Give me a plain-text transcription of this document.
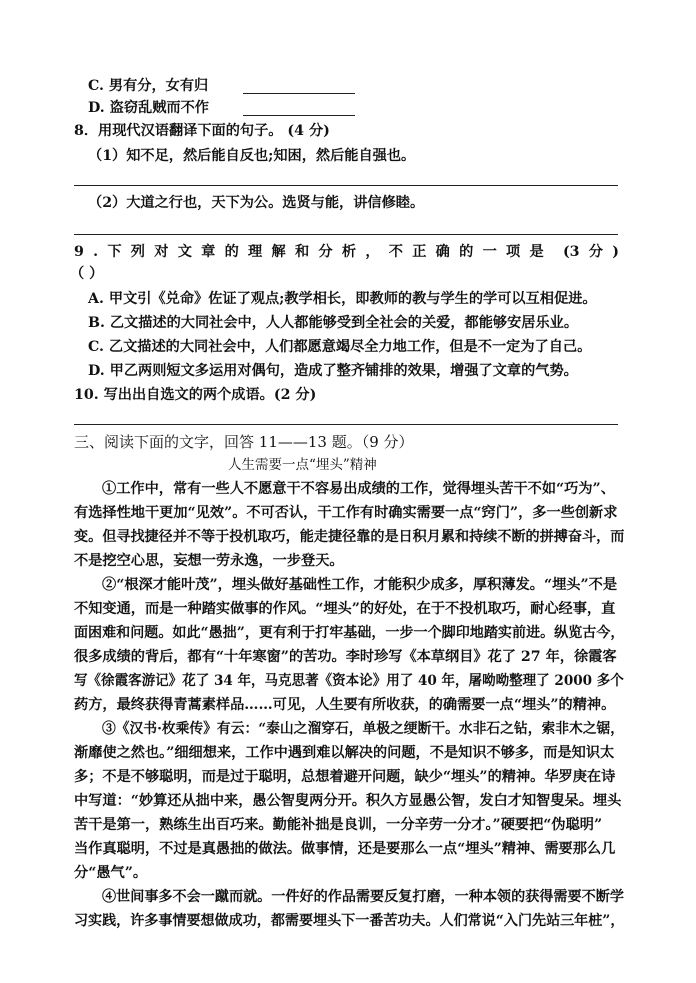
C. 男有分，女有归
D. 盗窃乱贼而不作
8．用现代汉语翻译下面的句子。 (4 分)
（1）知不足，然后能自反也;知困，然后能自强也。
（2）大道之行也，天下为公。选贤与能，讲信修睦。
9 . 下 列 对 文 章 的 理 解 和 分 析 ， 不 正 确 的 一 项 是 (3 分 )
（ ）
A. 甲文引《兑命》佐证了观点;教学相长，即教师的教与学生的学可以互相促进。
B. 乙文描述的大同社会中，人人都能够受到全社会的关爱，都能够安居乐业。
C. 乙文描述的大同社会中，人们都愿意竭尽全力地工作，但是不一定为了自己。
D. 甲乙两则短文多运用对偶句，造成了整齐铺排的效果，增强了文章的气势。
10. 写出出自选文的两个成语。(2 分)
三、阅读下面的文字，回答 11——13 题。（9 分）
人生需要一点“埋头”精神
①工作中，常有一些人不愿意干不容易出成绩的工作，觉得埋头苦干不如“巧为”、
有选择性地干更加“见效”。不可否认，干工作有时确实需要一点“窍门”，多一些创新求
变。但寻找捷径并不等于投机取巧，能走捷径靠的是日积月累和持续不断的拼搏奋斗，而
不是挖空心思，妄想一劳永逸，一步登天。
②“根深才能叶茂”，埋头做好基础性工作，才能积少成多，厚积薄发。“埋头”不是
不知变通，而是一种踏实做事的作风。“埋头”的好处，在于不投机取巧，耐心经事，直
面困难和问题。如此“愚拙”，更有利于打牢基础，一步一个脚印地踏实前进。纵览古今，
很多成绩的背后，都有“十年寒窗”的苦功。李时珍写《本草纲目》花了 27 年，徐霞客
写《徐霞客游记》花了 34 年，马克思著《资本论》用了 40 年，屠呦呦整理了 2000 多个
药方，最终获得青蒿素样品……可见，人生要有所收获，的确需要一点“埋头”的精神。
③《汉书·枚乘传》有云：“泰山之溜穿石，单极之绠断干。水非石之钻，索非木之锯，
渐靡使之然也。”细细想来，工作中遇到难以解决的问题，不是知识不够多，而是知识太
多；不是不够聪明，而是过于聪明，总想着避开问题，缺少“埋头”的精神。华罗庚在诗
中写道：“妙算还从拙中来，愚公智叟两分开。积久方显愚公智，发白才知智叟呆。埋头
苦干是第一，熟练生出百巧来。勤能补拙是良训，一分辛劳一分才。”硬要把“伪聪明”
当作真聪明，不过是真愚拙的做法。做事情，还是要那么一点“埋头”精神、需要那么几
分“愚气”。
④世间事多不会一蹴而就。一件好的作品需要反复打磨，一种本领的获得需要不断学
习实践，许多事情要想做成功，都需要埋头下一番苦功夫。人们常说“入门先站三年桩”，
